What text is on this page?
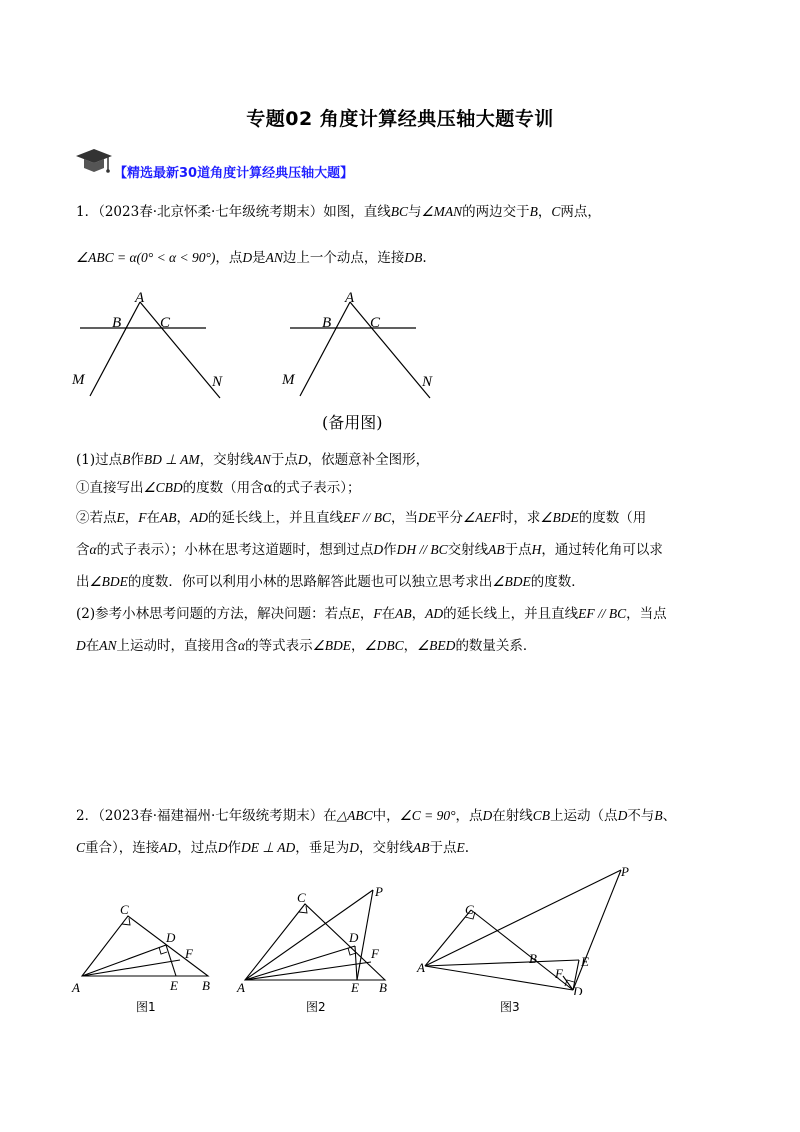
专题02 角度计算经典压轴大题专训
【精选最新30道角度计算经典压轴大题】
1．（2023春·北京怀柔·七年级统考期末）如图，直线BC与∠MAN的两边交于B，C两点，
∠ABC = α(0° < α < 90°)，点D是AN边上一个动点，连接DB.
A
B	C
M	N
A
B	C
M	N
(备用图)
(1)过点B作BD ⊥ AM，交射线AN于点D，依题意补全图形，
①直接写出∠CBD的度数（用含α的式子表示）；
②若点E，F在AB，AD的延长线上，并且直线EF // BC，当DE平分∠AEF时，求∠BDE的度数（用
含α的式子表示）；小林在思考这道题时，想到过点D作DH // BC交射线AB于点H，通过转化角可以求
出∠BDE的度数．你可以利用小林的思路解答此题也可以独立思考求出∠BDE的度数．
(2)参考小林思考问题的方法，解决问题：若点E，F在AB，AD的延长线上，并且直线EF // BC，当点
D在AN上运动时，直接用含α的等式表示∠BDE，∠DBC，∠BED的数量关系．
2．（2023春·福建福州·七年级统考期末）在△ABC中，∠C = 90°，点D在射线CB上运动（点D不与B、
C重合），连接AD，过点D作DE ⊥ AD，垂足为D，交射线AB于点E.
A
C
D
F
E B
图1
A
C	P
D
F
E B
图2
A
C
P
B
F
E
D
图3
